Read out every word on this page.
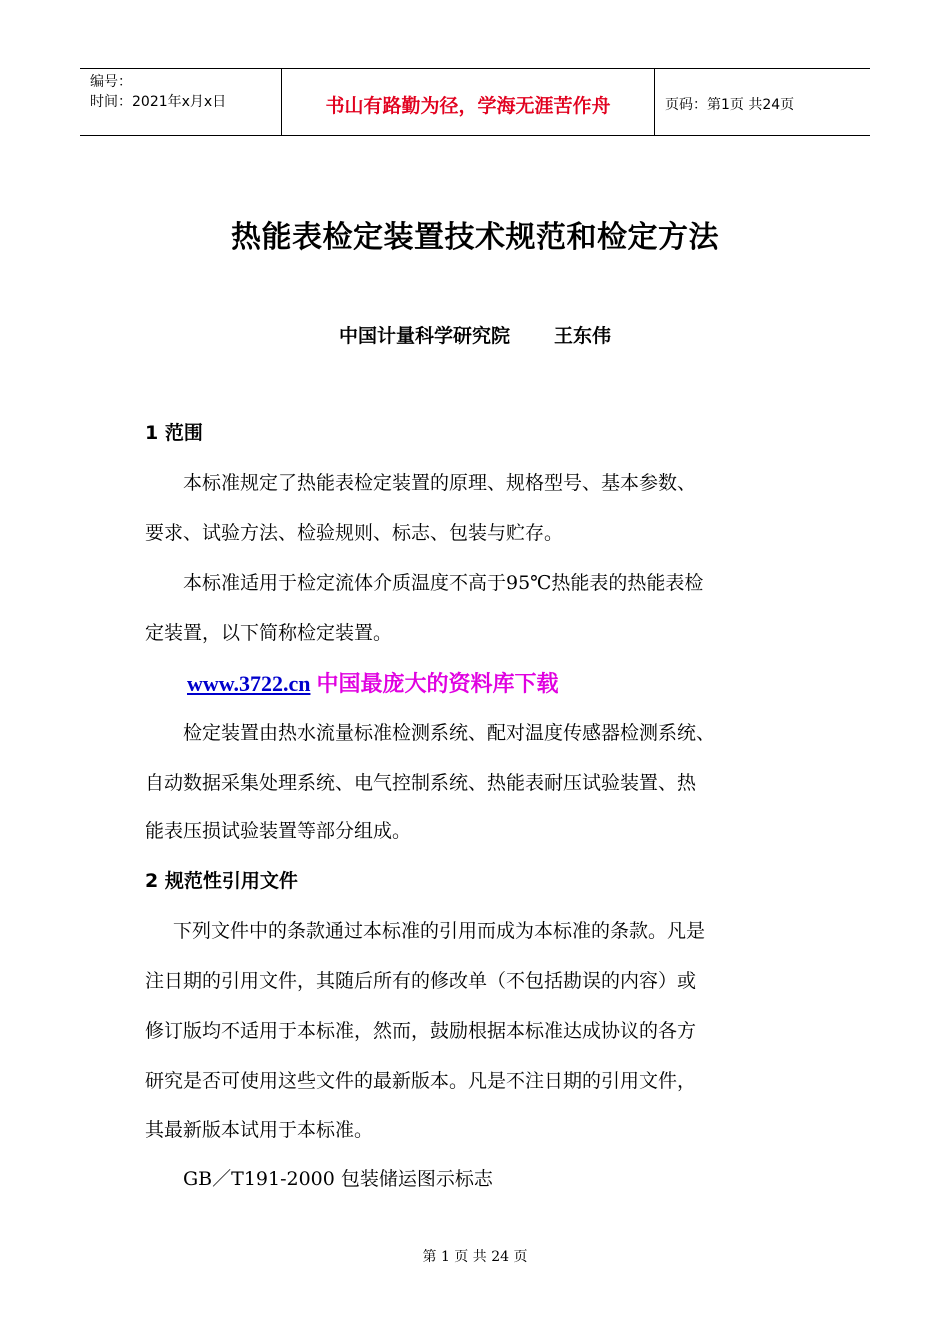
编号：
时间：2021年x月x日	书山有路勤为径，学海无涯苦作舟	页码：第1页 共24页
热能表检定装置技术规范和检定方法
中国计量科学研究院 王东伟
1 范围
本标准规定了热能表检定装置的原理、规格型号、基本参数、
要求、试验方法、检验规则、标志、包装与贮存。
本标准适用于检定流体介质温度不高于95℃热能表的热能表检
定装置，以下简称检定装置。
www.3722.cn 中国最庞大的资料库下载
检定装置由热水流量标准检测系统、配对温度传感器检测系统、
自动数据采集处理系统、电气控制系统、热能表耐压试验装置、热
能表压损试验装置等部分组成。
2 规范性引用文件
下列文件中的条款通过本标准的引用而成为本标准的条款。凡是
注日期的引用文件，其随后所有的修改单（不包括勘误的内容）或
修订版均不适用于本标准，然而，鼓励根据本标准达成协议的各方
研究是否可使用这些文件的最新版本。凡是不注日期的引用文件，
其最新版本试用于本标准。
GB／T191-2000 包装储运图示标志
第 1 页 共 24 页
